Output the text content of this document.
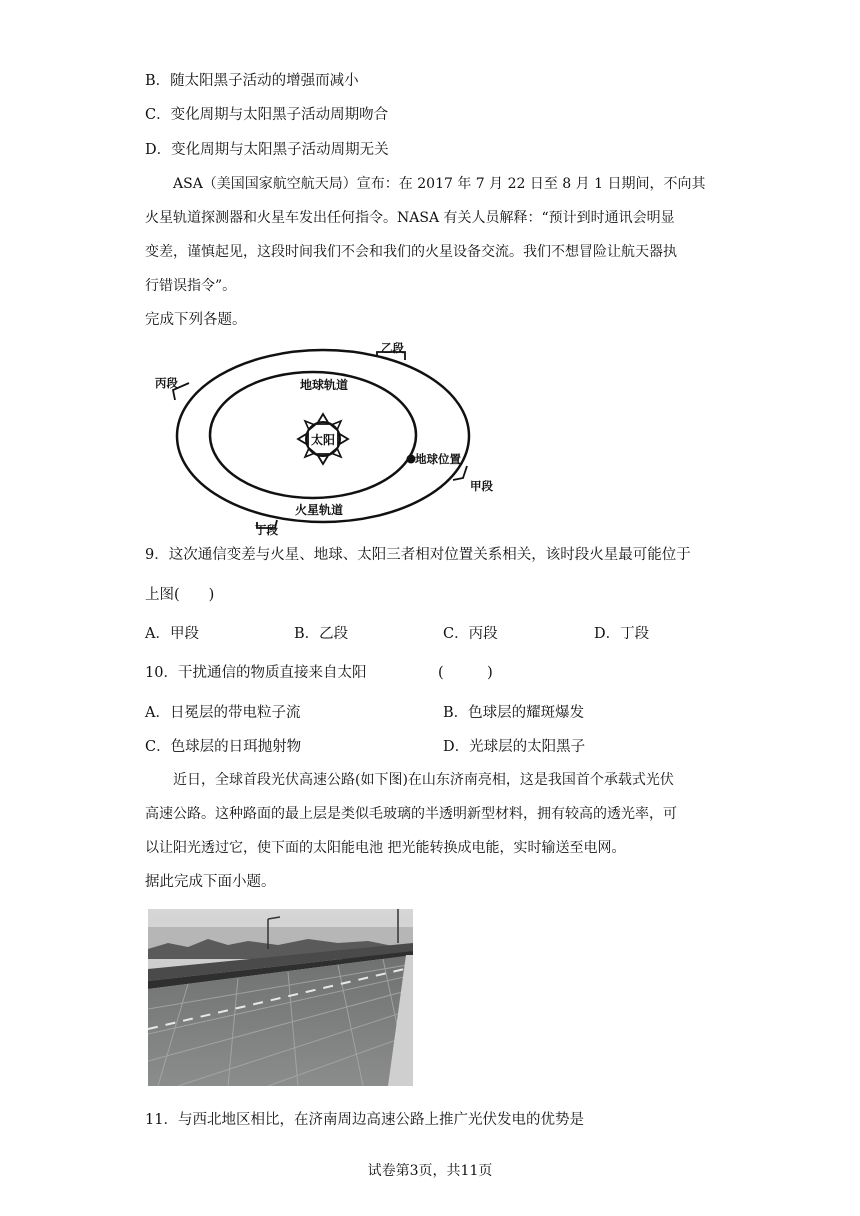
B．随太阳黑子活动的增强而减小
C．变化周期与太阳黑子活动周期吻合
D．变化周期与太阳黑子活动周期无关
ASA（美国国家航空航天局）宣布：在 2017 年 7 月 22 日至 8 月 1 日期间，不向其
火星轨道探测器和火星车发出任何指令。NASA 有关人员解释：“预计到时通讯会明显
变差，谨慎起见，这段时间我们不会和我们的火星设备交流。我们不想冒险让航天器执
行错误指令”。
完成下列各题。
太阳
地球位置
地球轨道
火星轨道
乙段
丙段
甲段
丁段
9．这次通信变差与火星、地球、太阳三者相对位置关系相关，该时段火星最可能位于
上图(　　)
A．甲段	B．乙段	C．丙段	D．丁段
10．干扰通信的物质直接来自太阳	(　　　)
A．日冕层的带电粒子流	B．色球层的耀斑爆发
C．色球层的日珥抛射物	D．光球层的太阳黑子
近日，全球首段光伏高速公路(如下图)在山东济南亮相，这是我国首个承载式光伏
高速公路。这种路面的最上层是类似毛玻璃的半透明新型材料，拥有较高的透光率，可
以让阳光透过它，使下面的太阳能电池 把光能转换成电能，实时输送至电网。
据此完成下面小题。
11．与西北地区相比，在济南周边高速公路上推广光伏发电的优势是
试卷第3页，共11页
